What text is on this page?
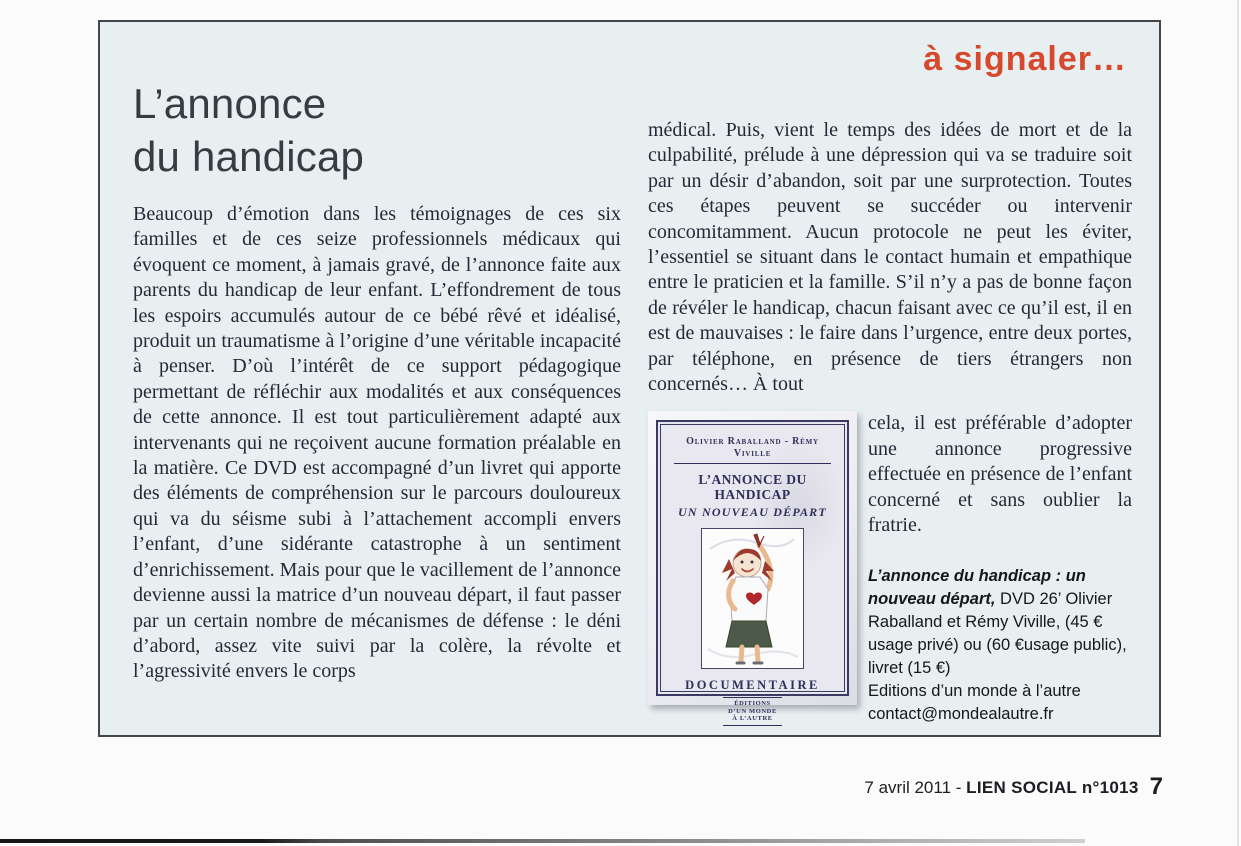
à signaler…
L’annonce
du handicap
Beaucoup d’émotion dans les témoignages de ces six familles et de ces seize professionnels médicaux qui évoquent ce moment, à jamais gravé, de l’annonce faite aux parents du handicap de leur enfant. L’effondrement de tous les espoirs accumulés autour de ce bébé rêvé et idéalisé, produit un traumatisme à l’origine d’une véritable incapacité à penser. D’où l’intérêt de ce support pédagogique permettant de réfléchir aux modalités et aux conséquences de cette annonce. Il est tout particulièrement adapté aux intervenants qui ne reçoivent aucune formation préalable en la matière. Ce DVD est accompagné d’un livret qui apporte des éléments de compréhension sur le parcours douloureux qui va du séisme subi à l’attachement accompli envers l’enfant, d’une sidérante catastrophe à un sentiment d’enrichissement. Mais pour que le vacillement de l’annonce devienne aussi la matrice d’un nouveau départ, il faut passer par un certain nombre de mécanismes de défense : le déni d’abord, assez vite suivi par la colère, la révolte et l’agressivité envers le corps

médical. Puis, vient le temps des idées de mort et de la culpabilité, prélude à une dépression qui va se traduire soit par un désir d’abandon, soit par une surprotection. Toutes ces étapes peuvent se succéder ou intervenir concomitamment. Aucun protocole ne peut les éviter, l’essentiel se situant dans le contact humain et empathique entre le praticien et la famille. S’il n’y a pas de bonne façon de révéler le handicap, chacun faisant avec ce qu’il est, il en est de mauvaises : le faire dans l’urgence, entre deux portes, par téléphone, en présence de tiers étrangers non concernés… À tout

Olivier Raballand - Rémy Viville
L’ANNONCE DU HANDICAP
UN NOUVEAU DÉPART
DOCUMENTAIRE
ÉDITIONS
D’UN MONDE
À L’AUTRE

cela, il est préférable d’adopter une annonce progressive effectuée en présence de l’enfant concerné et sans oublier la fratrie.

L’annonce du handicap : un nouveau départ, DVD 26’ Olivier Raballand et Rémy Viville, (45 € usage privé) ou (60 €usage public), livret (15 €)
Editions d’un monde à l’autre
contact@mondealautre.fr
7 avril 2011 - LIEN SOCIAL n°1013 7
